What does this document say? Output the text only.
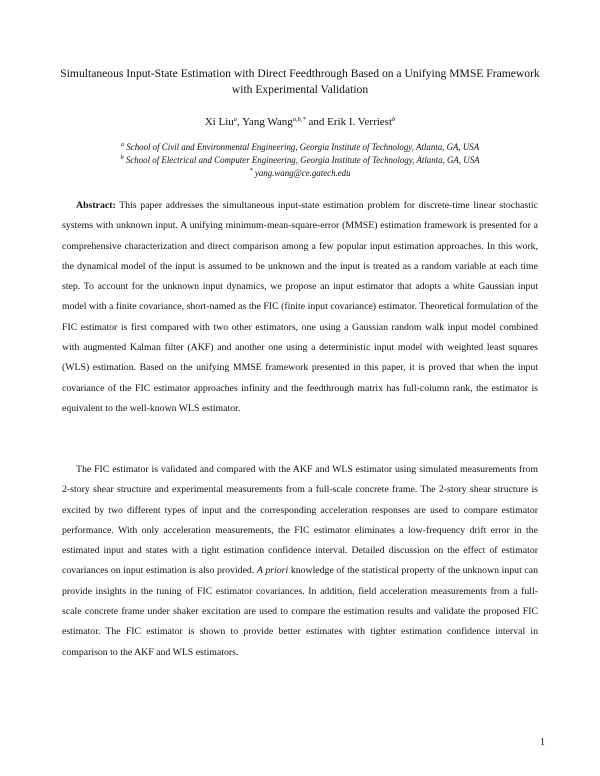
Simultaneous Input-State Estimation with Direct Feedthrough Based on a Unifying MMSE Framework
with Experimental Validation
Xi Liu$^a$, Yang Wang$^{a,b,*}$ and Erik I. Verriest$^b$
$^a$ School of Civil and Environmental Engineering, Georgia Institute of Technology, Atlanta, GA, USA
$^b$ School of Electrical and Computer Engineering, Georgia Institute of Technology, Atlanta, GA, USA
* yang.wang@ce.gatech.edu
Abstract: This paper addresses the simultaneous input-state estimation problem for discrete-time linear stochastic systems with unknown input. A unifying minimum-mean-square-error (MMSE) estimation framework is presented for a comprehensive characterization and direct comparison among a few popular input estimation approaches. In this work, the dynamical model of the input is assumed to be unknown and the input is treated as a random variable at each time step. To account for the unknown input dynamics, we propose an input estimator that adopts a white Gaussian input model with a finite covariance, short-named as the FIC (finite input covariance) estimator. Theoretical formulation of the FIC estimator is first compared with two other estimators, one using a Gaussian random walk input model combined with augmented Kalman filter (AKF) and another one using a deterministic input model with weighted least squares (WLS) estimation. Based on the unifying MMSE framework presented in this paper, it is proved that when the input covariance of the FIC estimator approaches infinity and the feedthrough matrix has full-column rank, the estimator is equivalent to the well-known WLS estimator.
The FIC estimator is validated and compared with the AKF and WLS estimator using simulated measurements from 2-story shear structure and experimental measurements from a full-scale concrete frame. The 2-story shear structure is excited by two different types of input and the corresponding acceleration responses are used to compare estimator performance. With only acceleration measurements, the FIC estimator eliminates a low-frequency drift error in the estimated input and states with a tight estimation confidence interval. Detailed discussion on the effect of estimator covariances on input estimation is also provided. A priori knowledge of the statistical property of the unknown input can provide insights in the tuning of FIC estimator covariances. In addition, field acceleration measurements from a full-scale concrete frame under shaker excitation are used to compare the estimation results and validate the proposed FIC estimator. The FIC estimator is shown to provide better estimates with tighter estimation confidence interval in comparison to the AKF and WLS estimators.
1
